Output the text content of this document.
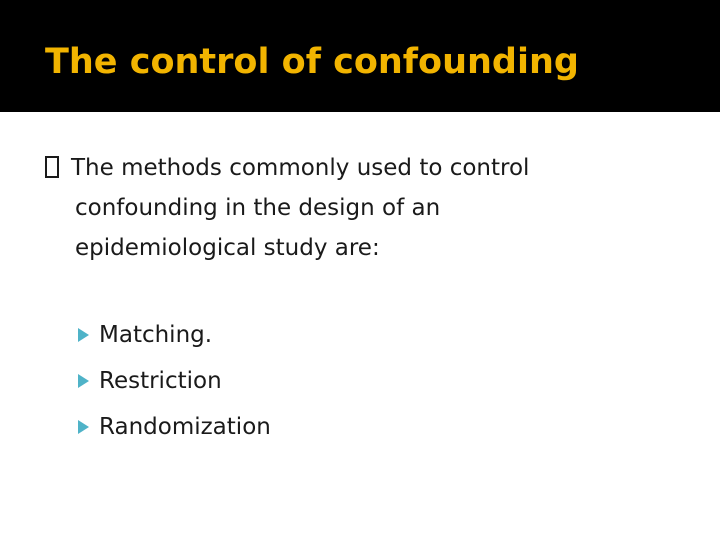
The control of confounding
The methods commonly used to control
confounding in the design of an
epidemiological study are:
Matching.
Restriction
Randomization
